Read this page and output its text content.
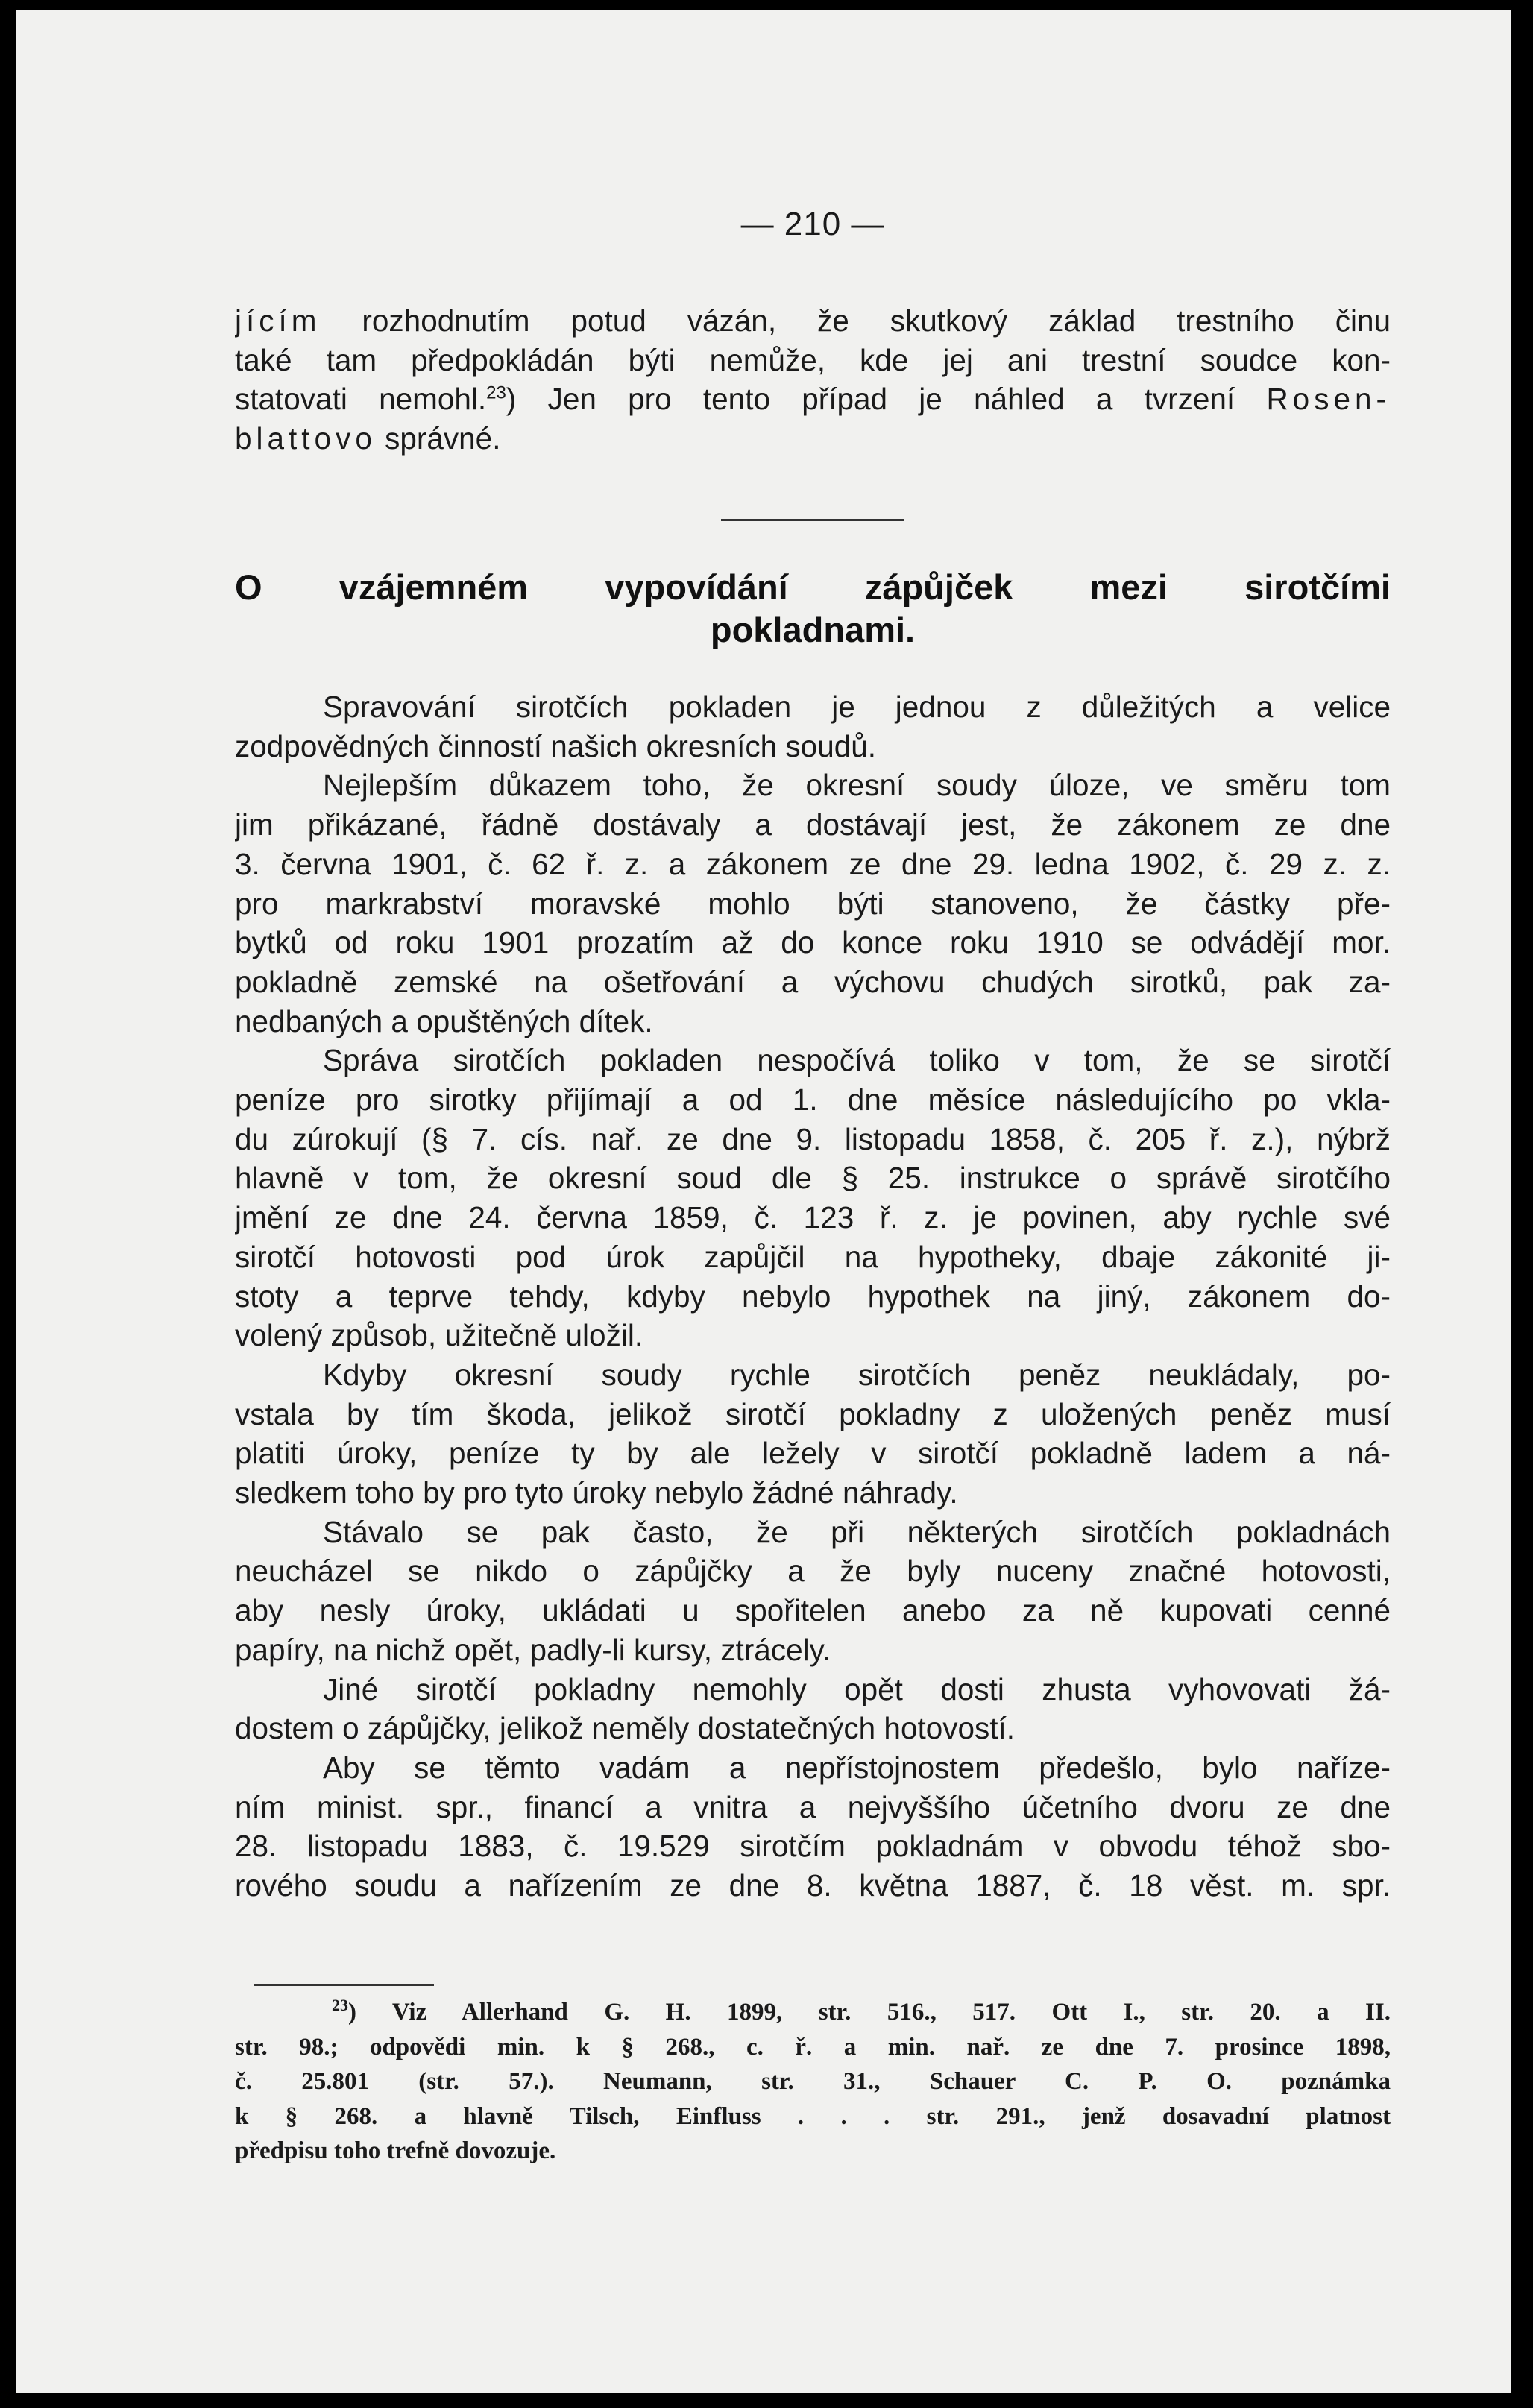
— 210 —

jícím rozhodnutím potud vázán, že skutkový základ trestního činu

také tam předpokládán býti nemůže, kde jej ani trestní soudce kon-

statovati nemohl.$^{23}$) Jen pro tento případ je náhled a tvrzení Rosen-

blattovo správné.

O vzájemném vypovídání zápůjček mezi sirotčími

pokladnami.

Spravování sirotčích pokladen je jednou z důležitých a velice

zodpovědných činností našich okresních soudů.

Nejlepším důkazem toho, že okresní soudy úloze, ve směru tom

jim přikázané, řádně dostávaly a dostávají jest, že zákonem ze dne

3. června 1901, č. 62 ř. z. a zákonem ze dne 29. ledna 1902, č. 29 z. z.

pro markrabství moravské mohlo býti stanoveno, že částky pře-

bytků od roku 1901 prozatím až do konce roku 1910 se odvádějí mor.

pokladně zemské na ošetřování a výchovu chudých sirotků, pak za-

nedbaných a opuštěných dítek.

Správa sirotčích pokladen nespočívá toliko v tom, že se sirotčí

peníze pro sirotky přijímají a od 1. dne měsíce následujícího po vkla-

du zúrokují (§ 7. cís. nař. ze dne 9. listopadu 1858, č. 205 ř. z.), nýbrž

hlavně v tom, že okresní soud dle § 25. instrukce o správě sirotčího

jmění ze dne 24. června 1859, č. 123 ř. z. je povinen, aby rychle své

sirotčí hotovosti pod úrok zapůjčil na hypotheky, dbaje zákonité ji-

stoty a teprve tehdy, kdyby nebylo hypothek na jiný, zákonem do-

volený způsob, užitečně uložil.

Kdyby okresní soudy rychle sirotčích peněz neukládaly, po-

vstala by tím škoda, jelikož sirotčí pokladny z uložených peněz musí

platiti úroky, peníze ty by ale ležely v sirotčí pokladně ladem a ná-

sledkem toho by pro tyto úroky nebylo žádné náhrady.

Stávalo se pak často, že při některých sirotčích pokladnách

neucházel se nikdo o zápůjčky a že byly nuceny značné hotovosti,

aby nesly úroky, ukládati u spořitelen anebo za ně kupovati cenné

papíry, na nichž opět, padly-li kursy, ztrácely.

Jiné sirotčí pokladny nemohly opět dosti zhusta vyhovovati žá-

dostem o zápůjčky, jelikož neměly dostatečných hotovostí.

Aby se těmto vadám a nepřístojnostem předešlo, bylo naříze-

ním minist. spr., financí a vnitra a nejvyššího účetního dvoru ze dne

28. listopadu 1883, č. 19.529 sirotčím pokladnám v obvodu téhož sbo-

rového soudu a nařízením ze dne 8. května 1887, č. 18 věst. m. spr.

$^{23}$) Viz Allerhand G. H. 1899, str. 516., 517. Ott I., str. 20. a II.

str. 98.; odpovědi min. k § 268., c. ř. a min. nař. ze dne 7. prosince 1898,

č. 25.801 (str. 57.). Neumann, str. 31., Schauer C. P. O. poznámka

k § 268. a hlavně Tilsch, Einfluss . . . str. 291., jenž dosavadní platnost

předpisu toho trefně dovozuje.
